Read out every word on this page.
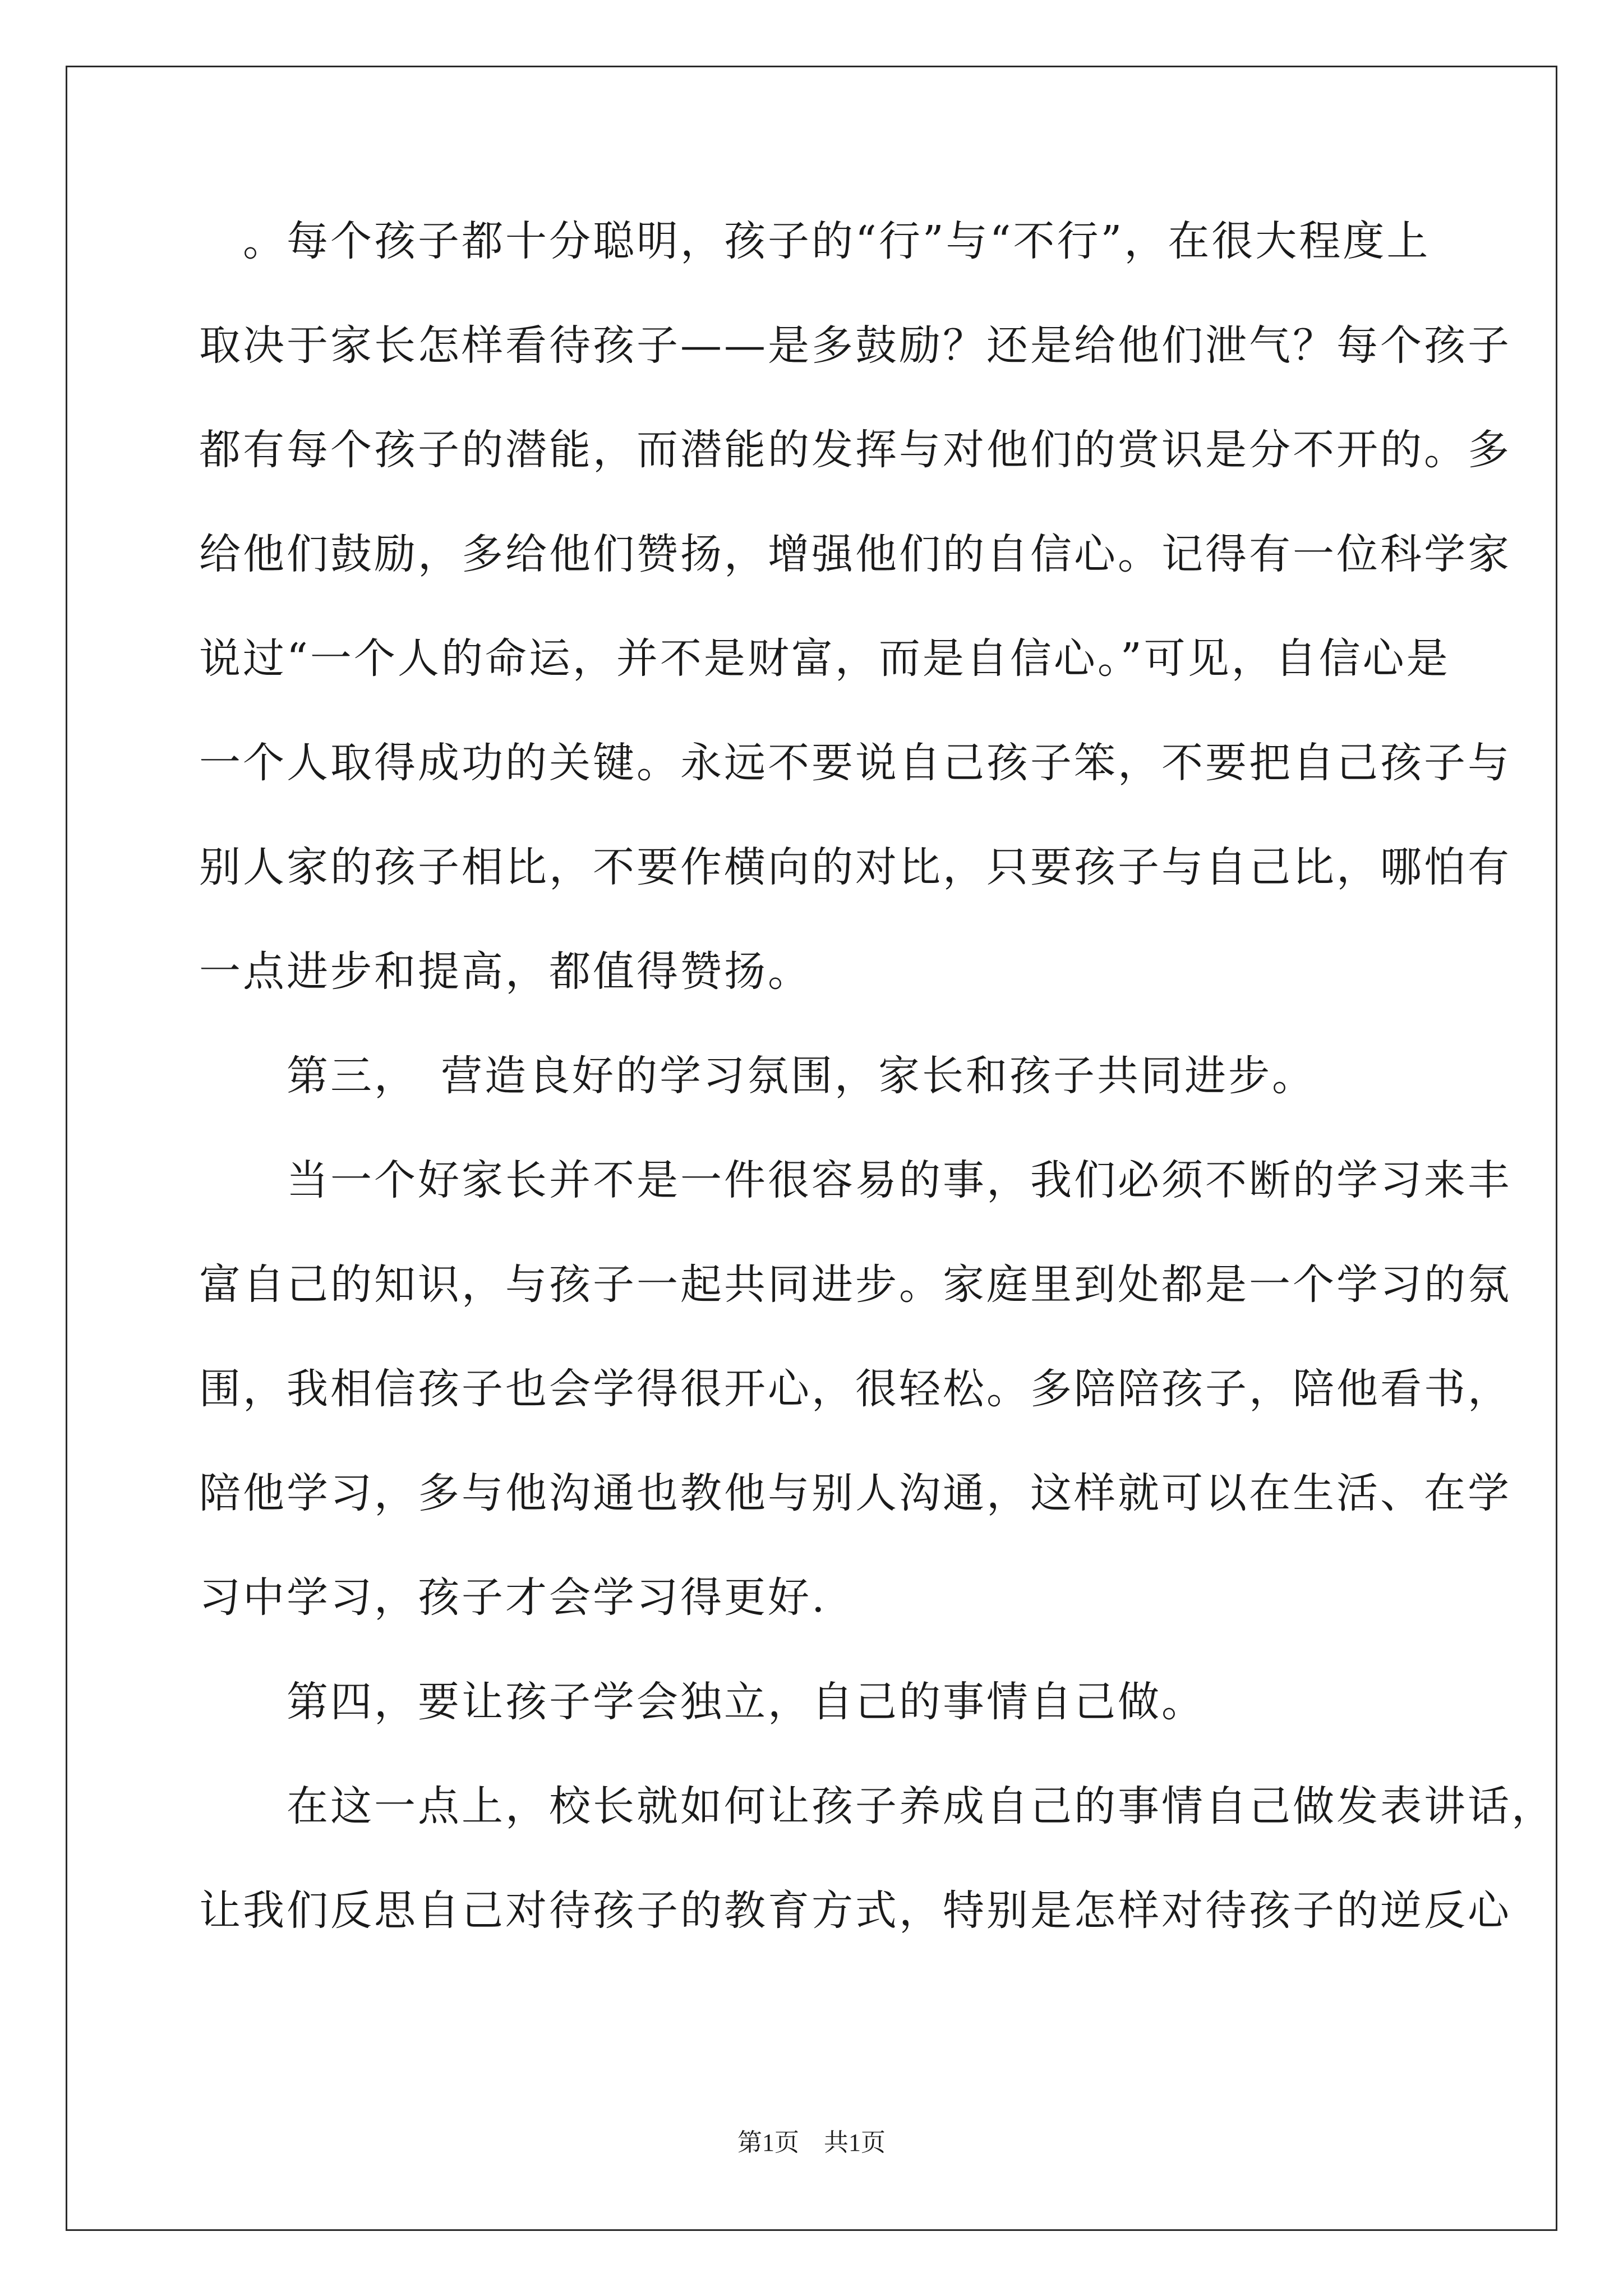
　。每个孩子都十分聪明，孩子的“行”与“不行”，在很大程度上
取决于家长怎样看待孩子——是多鼓励？还是给他们泄气？每个孩子
都有每个孩子的潜能，而潜能的发挥与对他们的赏识是分不开的。多
给他们鼓励，多给他们赞扬，增强他们的自信心。记得有一位科学家
说过“一个人的命运，并不是财富，而是自信心。”可见，自信心是
一个人取得成功的关键。永远不要说自己孩子笨，不要把自己孩子与
别人家的孩子相比，不要作横向的对比，只要孩子与自己比，哪怕有
一点进步和提高，都值得赞扬。
　　第三，　营造良好的学习氛围，家长和孩子共同进步。
　　当一个好家长并不是一件很容易的事，我们必须不断的学习来丰
富自己的知识，与孩子一起共同进步。家庭里到处都是一个学习的氛
围，我相信孩子也会学得很开心，很轻松。多陪陪孩子，陪他看书，
陪他学习，多与他沟通也教他与别人沟通，这样就可以在生活、在学
习中学习，孩子才会学习得更好.
　　第四，要让孩子学会独立，自己的事情自己做。
　　在这一点上，校长就如何让孩子养成自己的事情自己做发表讲话，
让我们反思自己对待孩子的教育方式，特别是怎样对待孩子的逆反心
第1页　共1页
